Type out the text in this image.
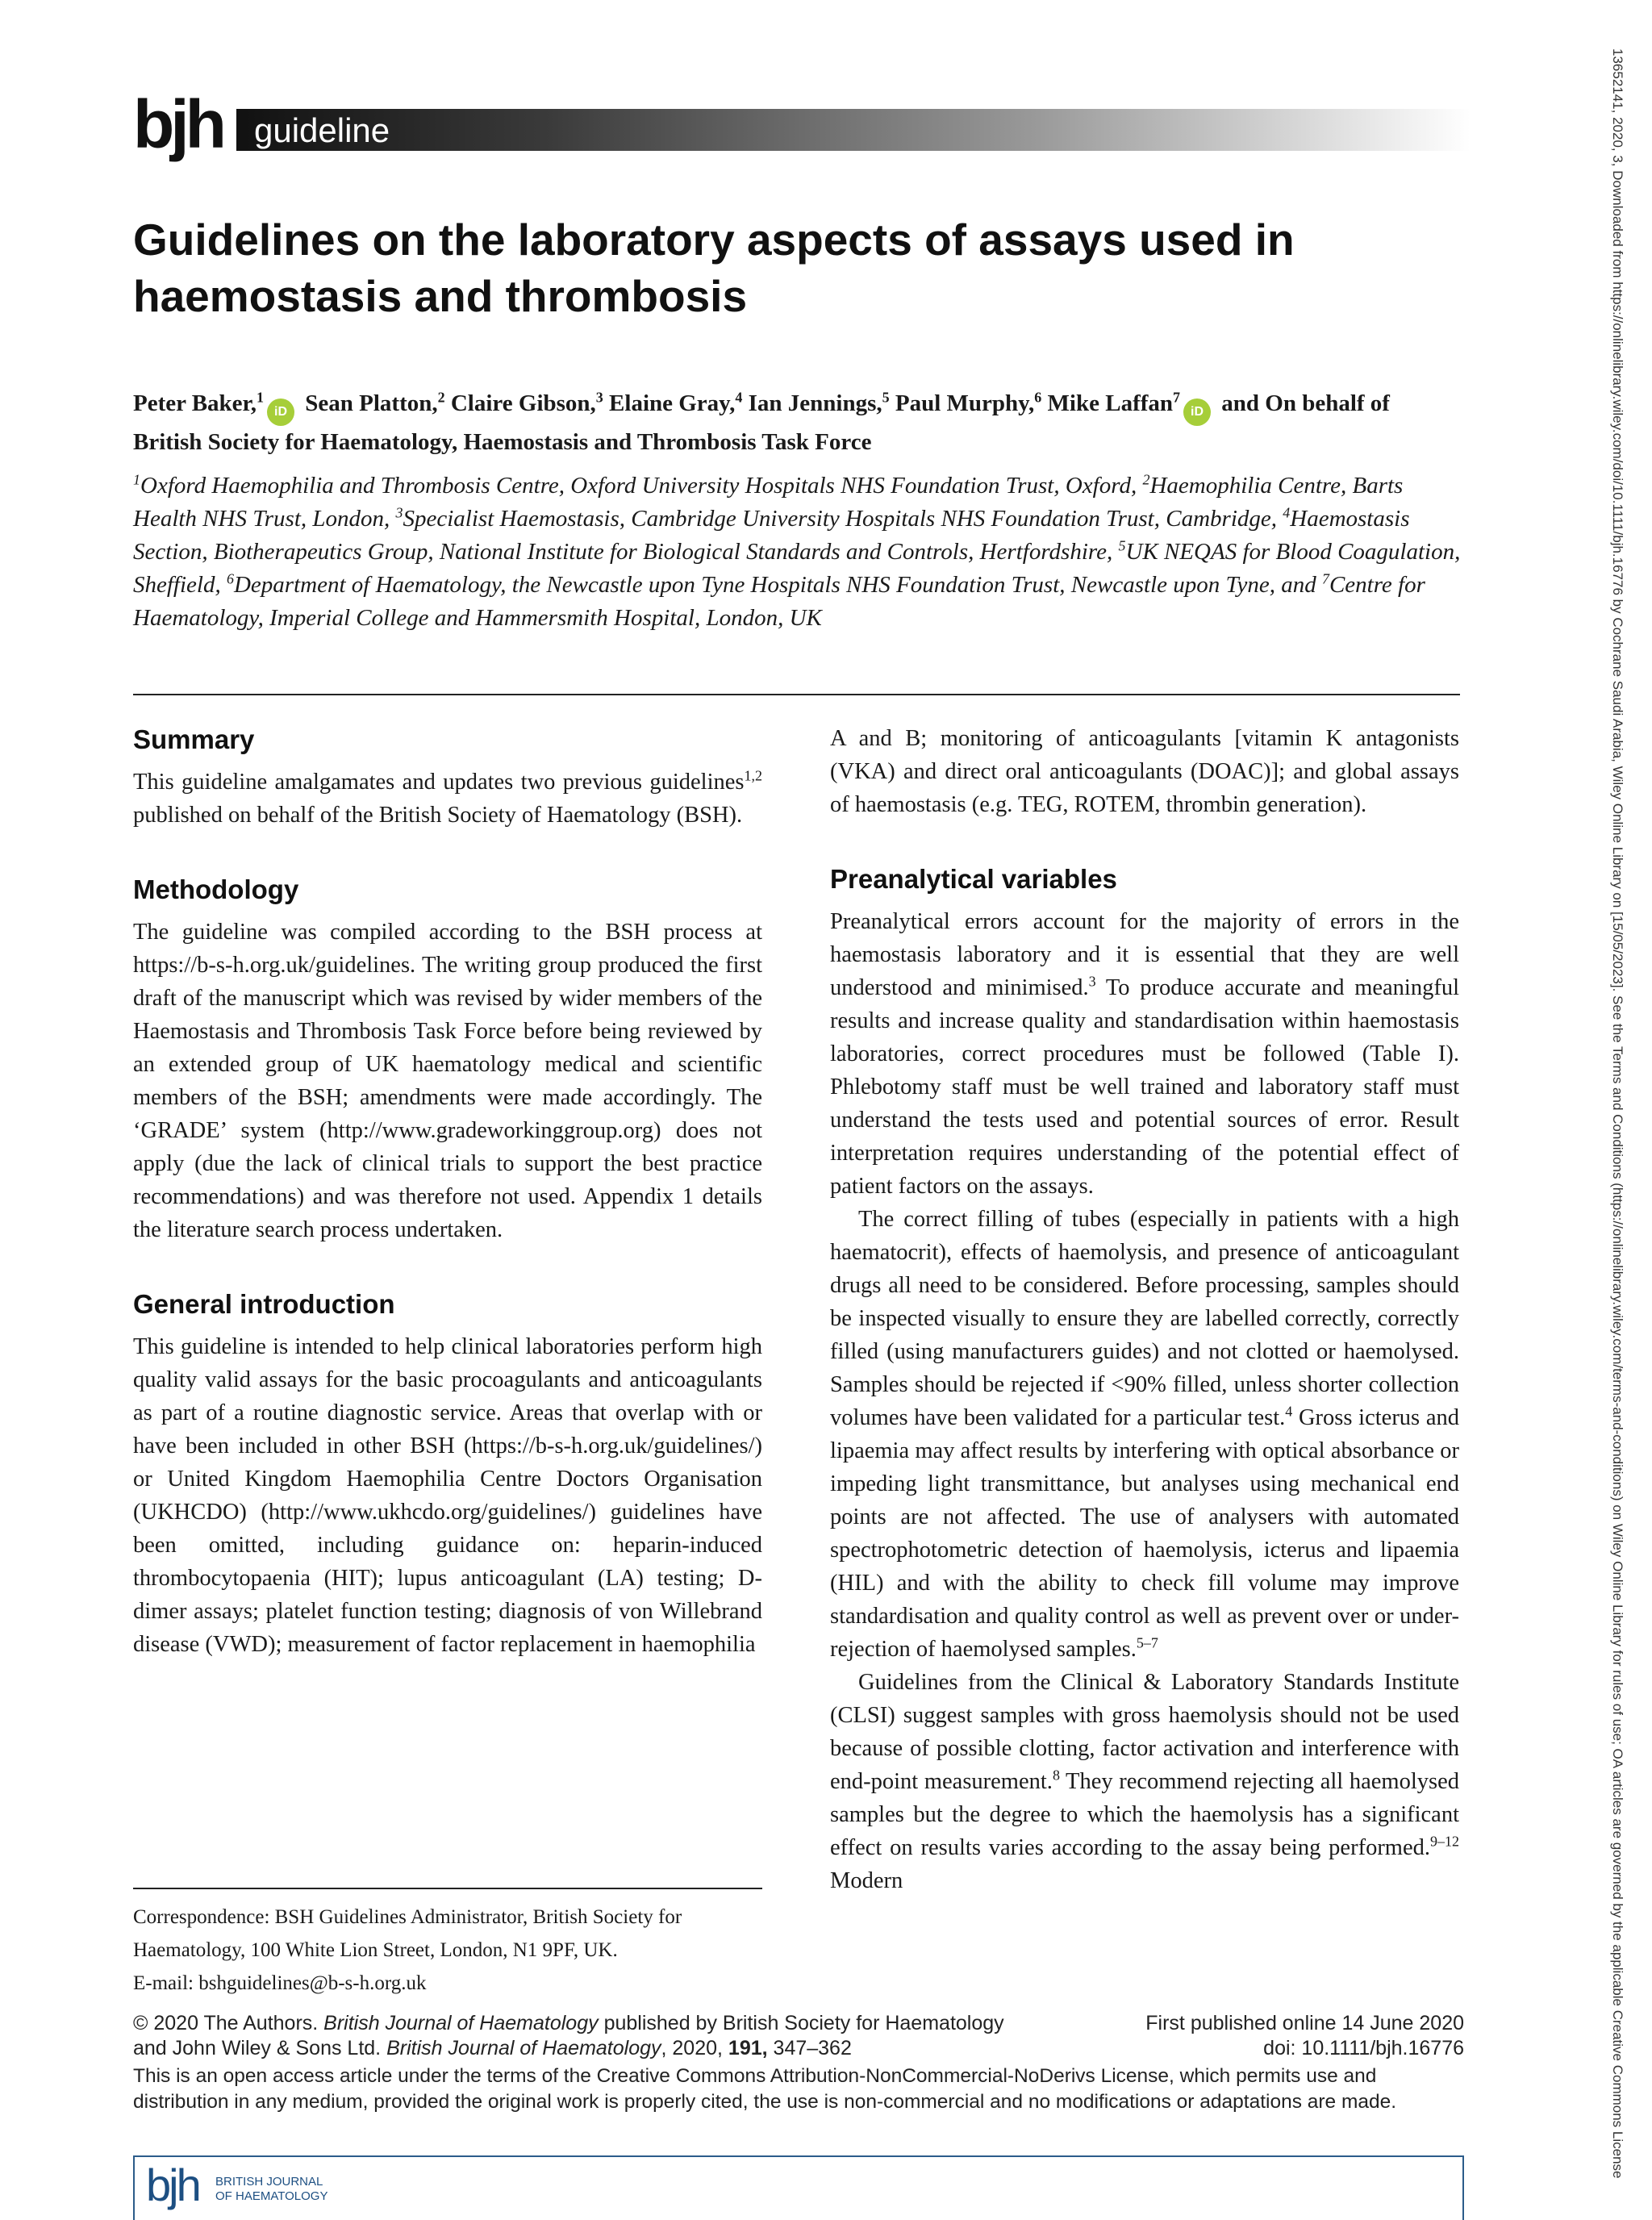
bjh guideline
Guidelines on the laboratory aspects of assays used in haemostasis and thrombosis
Peter Baker,$^1$iD Sean Platton,$^2$ Claire Gibson,$^3$ Elaine Gray,$^4$ Ian Jennings,$^5$ Paul Murphy,$^6$ Mike Laffan$^7$iD and On behalf of British Society for Haematology, Haemostasis and Thrombosis Task Force
$^1$Oxford Haemophilia and Thrombosis Centre, Oxford University Hospitals NHS Foundation Trust, Oxford, $^2$Haemophilia Centre, Barts Health NHS Trust, London, $^3$Specialist Haemostasis, Cambridge University Hospitals NHS Foundation Trust, Cambridge, $^4$Haemostasis Section, Biotherapeutics Group, National Institute for Biological Standards and Controls, Hertfordshire, $^5$UK NEQAS for Blood Coagulation, Sheffield, $^6$Department of Haematology, the Newcastle upon Tyne Hospitals NHS Foundation Trust, Newcastle upon Tyne, and $^7$Centre for Haematology, Imperial College and Hammersmith Hospital, London, UK
Summary

This guideline amalgamates and updates two previous guidelines$^{1,2}$ published on behalf of the British Society of Haematology (BSH).

Methodology

The guideline was compiled according to the BSH process at https://b-s-h.org.uk/guidelines. The writing group produced the first draft of the manuscript which was revised by wider members of the Haemostasis and Thrombosis Task Force before being reviewed by an extended group of UK haematology medical and scientific members of the BSH; amendments were made accordingly. The ‘GRADE’ system (http://www.gradeworkinggroup.org) does not apply (due the lack of clinical trials to support the best practice recommendations) and was therefore not used. Appendix 1 details the literature search process undertaken.

General introduction

This guideline is intended to help clinical laboratories perform high quality valid assays for the basic procoagulants and anticoagulants as part of a routine diagnostic service. Areas that overlap with or have been included in other BSH (https://b-s-h.org.uk/guidelines/) or United Kingdom Haemophilia Centre Doctors Organisation (UKHCDO) (http://www.ukhcdo.org/guidelines/) guidelines have been omitted, including guidance on: heparin-induced thrombocytopaenia (HIT); lupus anticoagulant (LA) testing; D-dimer assays; platelet function testing; diagnosis of von Willebrand disease (VWD); measurement of factor replacement in haemophilia

A and B; monitoring of anticoagulants [vitamin K antagonists (VKA) and direct oral anticoagulants (DOAC)]; and global assays of haemostasis (e.g. TEG, ROTEM, thrombin generation).

Preanalytical variables

Preanalytical errors account for the majority of errors in the haemostasis laboratory and it is essential that they are well understood and minimised.$^3$ To produce accurate and meaningful results and increase quality and standardisation within haemostasis laboratories, correct procedures must be followed (Table I). Phlebotomy staff must be well trained and laboratory staff must understand the tests used and potential sources of error. Result interpretation requires understanding of the potential effect of patient factors on the assays.

The correct filling of tubes (especially in patients with a high haematocrit), effects of haemolysis, and presence of anticoagulant drugs all need to be considered. Before processing, samples should be inspected visually to ensure they are labelled correctly, correctly filled (using manufacturers guides) and not clotted or haemolysed. Samples should be rejected if <90% filled, unless shorter collection volumes have been validated for a particular test.$^4$ Gross icterus and lipaemia may affect results by interfering with optical absorbance or impeding light transmittance, but analyses using mechanical end points are not affected. The use of analysers with automated spectrophotometric detection of haemolysis, icterus and lipaemia (HIL) and with the ability to check fill volume may improve standardisation and quality control as well as prevent over or under-rejection of haemolysed samples.$^{5-7}$

Guidelines from the Clinical & Laboratory Standards Institute (CLSI) suggest samples with gross haemolysis should not be used because of possible clotting, factor activation and interference with end-point measurement.$^8$ They recommend rejecting all haemolysed samples but the degree to which the haemolysis has a significant effect on results varies according to the assay being performed.$^{9-12}$ Modern

Correspondence: BSH Guidelines Administrator, British Society for Haematology, 100 White Lion Street, London, N1 9PF, UK.
E-mail: bshguidelines@b-s-h.org.uk
© 2020 The Authors. British Journal of Haematology published by British Society for Haematology	First published online 14 June 2020
and John Wiley & Sons Ltd. British Journal of Haematology, 2020, 191, 347–362	doi: 10.1111/bjh.16776
This is an open access article under the terms of the Creative Commons Attribution-NonCommercial-NoDerivs License, which permits use and distribution in any medium, provided the original work is properly cited, the use is non-commercial and no modifications or adaptations are made.
bjh BRITISH JOURNAL
OF HAEMATOLOGY
13652141, 2020, 3, Downloaded from https://onlinelibrary.wiley.com/doi/10.1111/bjh.16776 by Cochrane Saudi Arabia, Wiley Online Library on [15/05/2023]. See the Terms and Conditions (https://onlinelibrary.wiley.com/terms-and-conditions) on Wiley Online Library for rules of use; OA articles are governed by the applicable Creative Commons License
